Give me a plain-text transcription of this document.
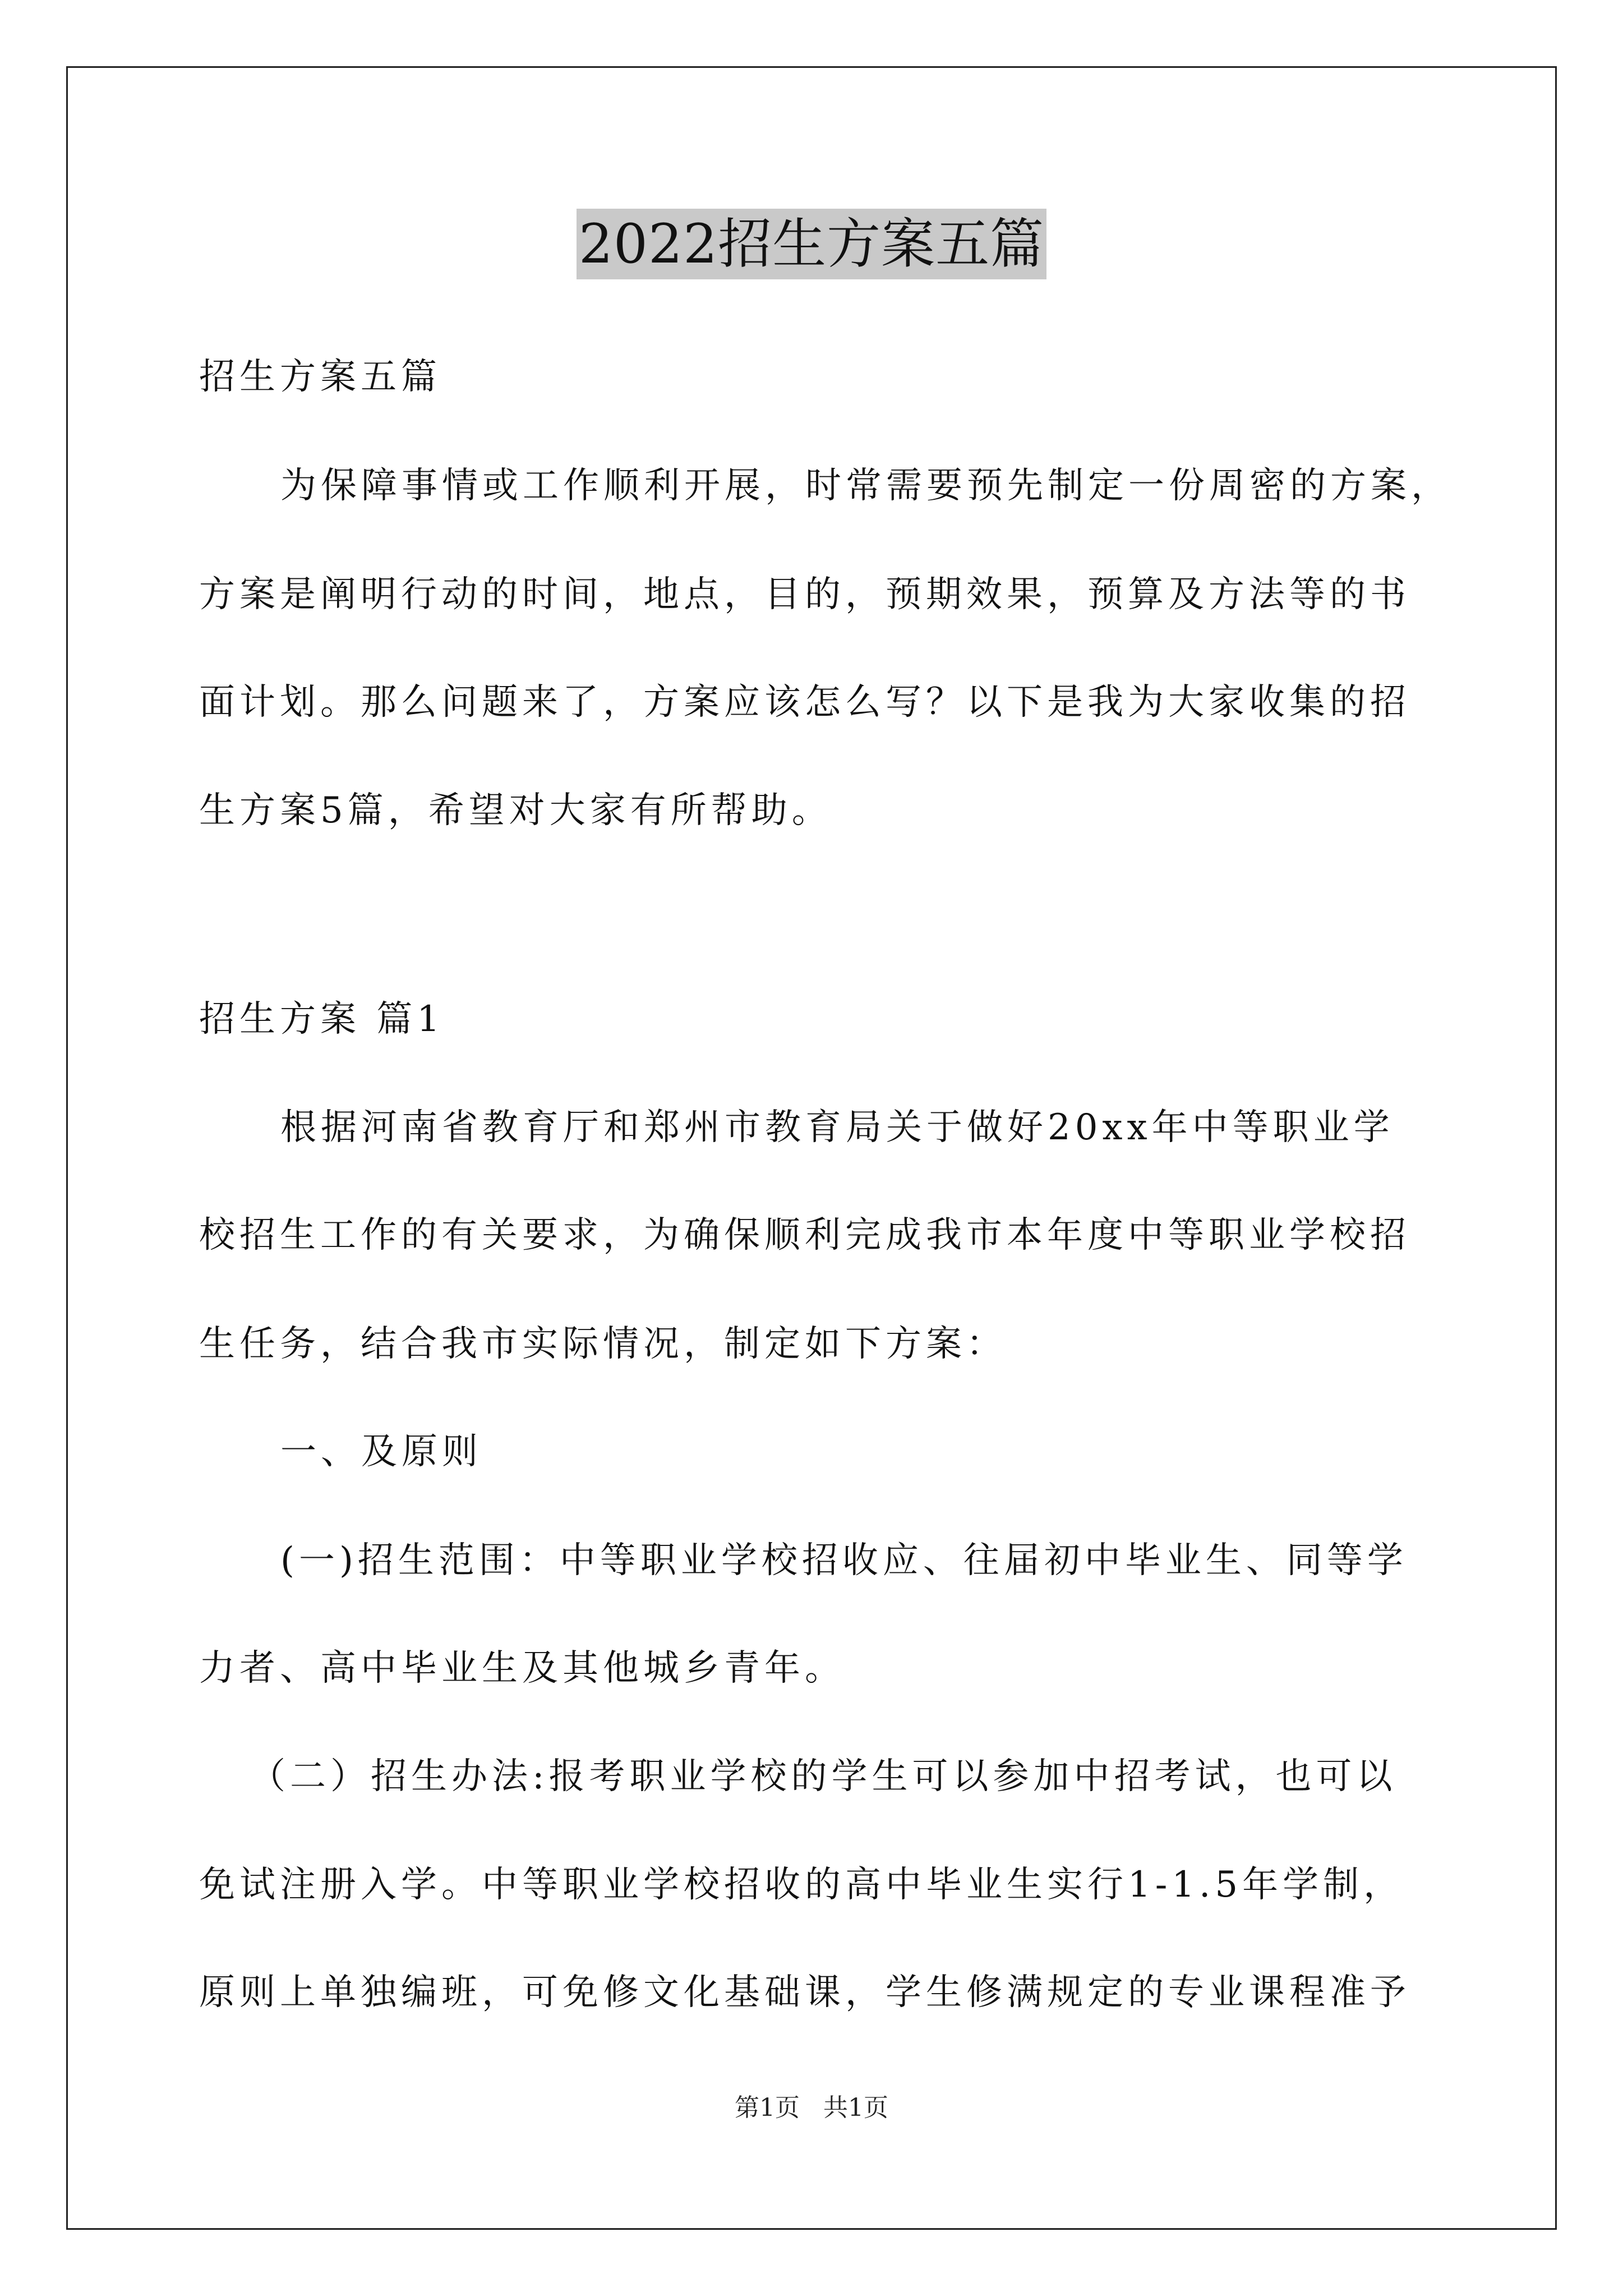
2022招生方案五篇
招生方案五篇
为保障事情或工作顺利开展，时常需要预先制定一份周密的方案，
方案是阐明行动的时间，地点，目的，预期效果，预算及方法等的书
面计划。那么问题来了，方案应该怎么写？以下是我为大家收集的招
生方案5篇，希望对大家有所帮助。
招生方案 篇1
根据河南省教育厅和郑州市教育局关于做好20xx年中等职业学
校招生工作的有关要求，为确保顺利完成我市本年度中等职业学校招
生任务，结合我市实际情况，制定如下方案：
一、及原则
(一)招生范围：中等职业学校招收应、往届初中毕业生、同等学
力者、高中毕业生及其他城乡青年。
（二）招生办法:报考职业学校的学生可以参加中招考试，也可以
免试注册入学。中等职业学校招收的高中毕业生实行1-1.5年学制，
原则上单独编班，可免修文化基础课，学生修满规定的专业课程准予
第1页   共1页
